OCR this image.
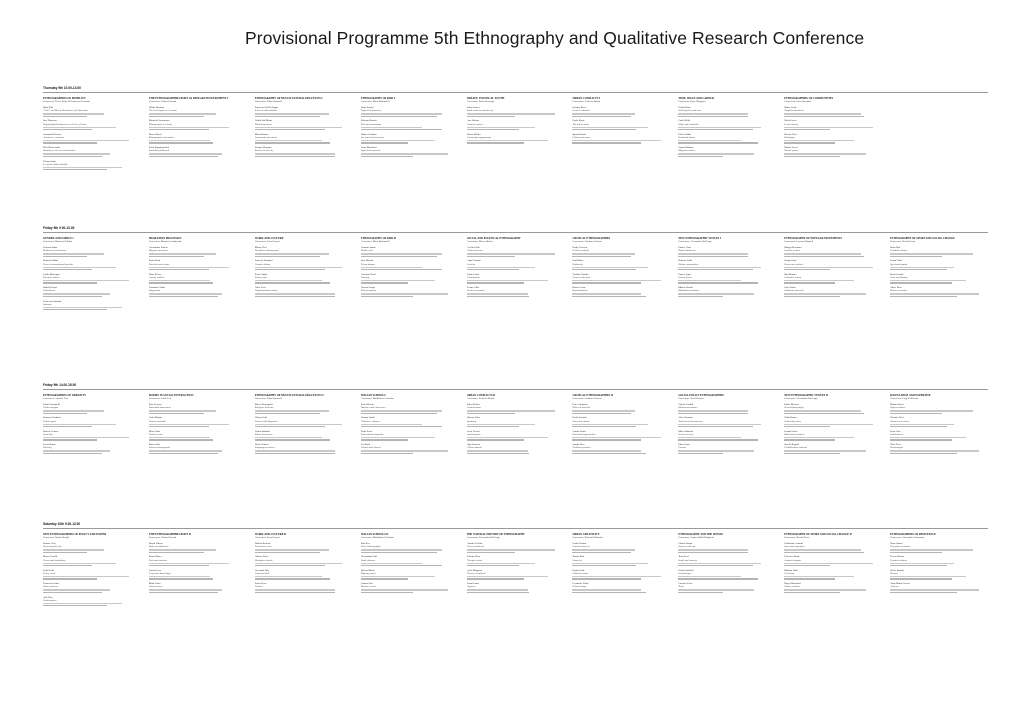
Provisional Programme 5th Ethnography and Qualitative Research Conference
Thursday 9th 10.00-13.00
ETHNOGRAPHIES OF MOBILITY
Convenors: Pietro Saitta & Francesca Ferrarini
Ilaria Pitti
"Civil" and Moral Boundaries of Citizenship
Iren Thoresen
Negotiating Boundaries as a Form of Trust
Asmund Pedersen
Ascetismo e salvezza
Pilvi Hämeenaho
Boundary work in rural families
Tiziana Sarti
Lo spazio della mobilità
THE ETHNOGRAPHERS BODY AS RESEARCH INSTRUMENT I
Convenors: Chiara Pussetti
Ulrika Rassmer
The sociologist as a woman
Mauricio Sotomayor
Ethnography of a body
Rosa Alberti
Ethnographic encounters
Sofia Papadopoulou
Embodied fieldwork
ETHNOGRAPHY OF MULTICULTURAL PRACTICES I
Convenors: Fabio Quassoli
Francesco Della Puppa
Il lavoro sulle identità
Guilia Dal Monte
Multiculturalism
Maria Bianco
Community narratives
Stefano Romano
Borders in the city
ETHNOGRAPHY OF RISK I
Convenors: Mara Bastianelli
Paola Sacchi
Ragazzi di quartiere
Roberta Bonetti
Risk and uncertainty
Matteo Giuliani
Sex work and precarity
Anna Marchetti
Informal economies
DEBATE: POLITICAL YOUTH
Convenors: Paolo Boccagni
Dalia Gomes
Youth activism and the city
Lara Valente
Creative protest
Marco Bellini
Community engagement
URBAN CONFLICTS I
Convenors: Federica Burini
Giorgio Ricci
Il parco cittadino
Paolo Rossi
The urban street
Ignazio Botta
Urban enclosures
TIME, SPACE AND LABOUR
Convenors: Enzo Mingione
Giulia Pinto
Working time and care
Carlo Melis
Shifts and schedules
Elena Fabbri
Gendered labour
Ahmed Osman
Migrant workers
ETHNOGRAPHIES OF COMMUNITIES
Convenors: Luca Sciortino
Marta Conti
Neighbourhood ties
Silvia Greco
Local memory
Davide Neri
Belonging
Bianca Leoni
Shared spaces
Friday 9th 9.00-13.00
GENDER AND FAMILY I
Convenors: Manuela Naldini
Caterina Satta
Motherhood narratives
Roberta Fabbri
Care in transnational families
Giulia Mascagni
Domestic labour
Isabella Rossi
Fatherhood
Francesca Orlandi
Intimacy
MIGRATION PROCESSES
Convenors: Maurizio Ambrosini
Alessandro Pratesi
Migrant narratives
Paolo Berti
Networks and routes
Hana Kovac
Asylum seekers
Tommaso Vitale
Integration
WORK AND CULTURE
Convenors: Luca Lirussi
Mauro Neri
Workplace ethnography
Lorenza Tarantini
Creative labour
Pietro Vanni
Factory life
Carla Ferri
Organisational culture
ETHNOGRAPHY OF RISK II
Convenors: Mara Bastianelli
Antonio Sanna
Health risks
Sara Moretti
Urban danger
Giacomo Rizzi
Policing
Alessia Longo
Risk perception
SOCIAL AND POLITICAL ETHNOGRAPHY
Convenors: Marco Orioles
Cecilia Gallo
Political parties
Luigi Fontana
Activism
Nadia Costa
Participation
Renato Villa
Social movements
CRITICAL ETHNOGRAPHIES
Convenors: Gianluca Cuozzo
Emily Ferreira
Critical methods
Paul Baker
Reflexivity
Yoshiko Tanaka
Power in the field
Bruno Leone
Representation
NEW ETHNOGRAPHIC VENUES I
Convenors: Alessandro Dal Lago
Enrico Testa
Digital fieldwork
Roberta Galli
Online communities
Franco Lupi
Virtual places
Marisa Donati
Mediated encounters
ETHNOGRAPHY OF POPULAR MOVEMENTS
Convenors: Lorenzo Bagnoli
Margot Kerrasset
Popular protest
Sergio Gatti
Grassroots politics
Rita Marino
Collective action
Gino Parisi
Solidarity networks
ETHNOGRAPHY OF SPORT AND SOCIAL CHANGE
Convenors: Nicola Porro
Ilaria Pitti
Football cultures
Laura Vitale
Sport and gender
Dario Gentile
Fans and identity
Adele Riva
Bodies in motion
Friday 9th 14.00-18.00
ETHNOGRAPHIES OF URBANITY
Convenors: Antonio Tosi
Fabio Ciaramelli
Urban margins
Simona Giordano
Public space
Daniele Grasso
Street life
Lucia Bruno
Housing
BODIES IN SOCIAL INTERACTION
Convenors: Giolo Fele
Kim Soyeon
Embodied interaction
Aldo Martini
Gesture and talk
Rina Costa
Touch in care
Ettore Sala
Sensory ethnography
ETHNOGRAPHY OF MULTICULTURAL PRACTICES II
Convenors: Fabio Quassoli
Marco Romagnoli
Religious diversity
Chiara Lodi
Schools and difference
Giulia Sabatini
Ethnic businesses
Nicola Farina
Language practices
ITALIAN SCHOOLS
Convenors: Maddalena Colombo
Rosa Moretti
Teachers and classrooms
Tiziana Guidi
Children's cultures
Paola Serra
Educational inequality
Lia Bassi
Parents and schools
URBAN CONFLICTS II
Convenors: Federica Burini
Julien Roulet
Gentrification
Marcos Silva
Squatting
Greta Ferrari
Land disputes
Olga Ivanova
Urban renewal
CRITICAL ETHNOGRAPHIES II
Convenors: Gianluca Cuozzo
Peter Anderson
Ethics in the field
Paolo Serafini
Voice and silence
Amina Yusuf
Decolonial approaches
Sandro Pace
Fieldwork politics
SOCIAL POLICY ETHNOGRAPHIES
Convenors: Yuri Kazepov
Valerio Gentili
Welfare encounters
Alice Romano
Street-level bureaucracy
Mirco Bianchi
Social services
Elisa Conti
Poverty
NEW ETHNOGRAPHIC VENUES II
Convenors: Alessandro Dal Lago
Isabel Moreno
Visual ethnography
Tobia Russo
Sound and place
Gianni Lucci
Multi-sited research
Sara Pellegrini
Collaborative methods
KNOWLEDGE AND EXPERTISE
Convenors: Luigi Pellizzoni
Marina Rossi
Expert cultures
Fabrizio Neri
Science in practice
Luca Gori
Laboratories
Nora Ferri
Technologies
Saturday 10th 9.00-13.00
NEW ETHNOGRAPHIES OF POLICY AND POWER
Convenors: Vando Borghi
Simone Tosi
Governing the city
Marco Caselli
Power and institutions
Carla Lolli
Policy work
Francesca Gatti
State practices
Anh Tran
Participation
THE ETHNOGRAPHERS BODY II
Convenors: Chiara Pussetti
David Wilson
Body and fieldwork
Karin Moser
Pain and emotion
Laura Greco
Corporeal knowledge
Mika Lehto
Performance
WORK AND CULTURE II
Convenors: Luca Lirussi
Nathan Bennett
Precarious work
Alberto Ricci
Workplace rituals
Giovanni Sala
Craft and skill
Lucia Ferro
Unions
ITALIAN SCHOOLS II
Convenors: Maddalena Colombo
Rita Neri
School ethnography
Alessandro Fabi
Youth cultures
Valeria Monti
Migrant pupils
Andrea Pini
Teachers' work
THE NATURAL HISTORY OF ETHNOGRAPHY
Convenors: Alessandro Dal Lago
Claudio Coletta
Classic fieldwork
Roberto Riva
Chicago school
Paolo Magnone
History of methods
Bruna Lanzi
Legacies
URBAN CREATIVITY
Convenors: Roberta Paltrinieri
Giada Tomasi
Creative districts
Tomas Kral
Street art
Emma Lodi
Cultural events
Leonardo Vitale
Urban design
ETHNOGRAPHY AND THE SENSES
Convenors: Andrea Mubi Brighenti
Chiara Pasqui
Senses in the city
Tom Reed
Smell and memory
Paola Gandolfi
Soundscapes
Lorenzo Fiore
Taste
ETHNOGRAPHY OF SPORT AND SOCIAL CHANGE II
Convenors: Nicola Porro
Guillaume Arnaud
Sport and migration
Federico Bruni
Amateur leagues
Martina Vallo
Coaching
Hugo Marchand
Fitness cultures
ETHNOGRAPHIES OF RESISTANCE
Convenors: Alessandro Simoncini
Nora Adami
Everyday resistance
Teresa Barone
Counter-cultures
Silvio Brandi
Dissent
Anna Maria Cuccia
Activism
